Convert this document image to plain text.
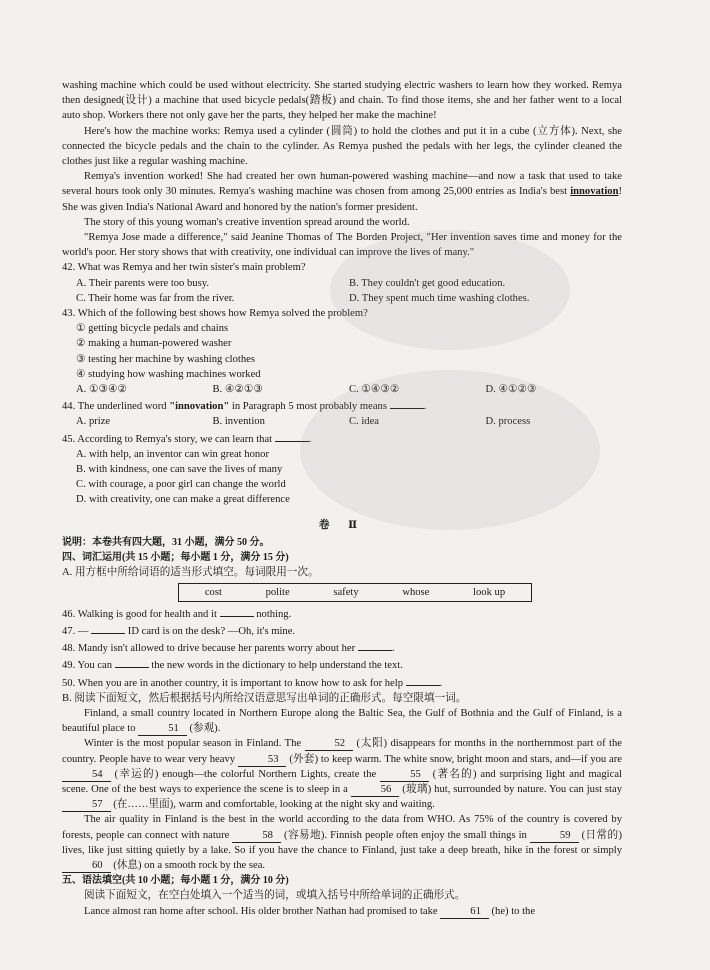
washing machine which could be used without electricity. She started studying electric washers to learn how they worked. Remya then designed(设计) a machine that used bicycle pedals(踏板) and chain. To find those items, she and her father went to a local auto shop. Workers there not only gave her the parts, they helped her make the machine!

Here's how the machine works: Remya used a cylinder (圆筒) to hold the clothes and put it in a cube (立方体). Next, she connected the bicycle pedals and the chain to the cylinder. As Remya pushed the pedals with her legs, the cylinder cleaned the clothes just like a regular washing machine.

Remya's invention worked! She had created her own human-powered washing machine—and now a task that used to take several hours took only 30 minutes. Remya's washing machine was chosen from among 25,000 entries as India's best innovation! She was given India's National Award and honored by the nation's former president.

The story of this young woman's creative invention spread around the world.

"Remya Jose made a difference," said Jeanine Thomas of The Borden Project, "Her invention saves time and money for the world's poor. Her story shows that with creativity, one individual can improve the lives of many."

42. What was Remya and her twin sister's main problem?

A. Their parents were too busy.	B. They couldn't get good education.
C. Their home was far from the river.	D. They spent much time washing clothes.

43. Which of the following best shows how Remya solved the problem?

① getting bicycle pedals and chains
② making a human-powered washer
③ testing her machine by washing clothes
④ studying how washing machines worked
A. ①③④②	B. ④②①③	C. ①④③②	D. ④①②③

44. The underlined word "innovation" in Paragraph 5 most probably means	.

A. prize	B. invention	C. idea	D. process

45. According to Remya's story, we can learn that	.

A. with help, an inventor can win great honor
B. with kindness, one can save the lives of many
C. with courage, a poor girl can change the world
D. with creativity, one can make a great difference
卷 Ⅱ

说明：本卷共有四大题，31 小题，满分 50 分。

四、词汇运用(共 15 小题；每小题 1 分，满分 15 分)

A. 用方框中所给词语的适当形式填空。每词限用一次。

cost	polite	safety	whose	look up

46. Walking is good for health and it	nothing.

47. —	ID card is on the desk? —Oh, it's mine.

48. Mandy isn't allowed to drive because her parents worry about her	.

49. You can	the new words in the dictionary to help understand the text.

50. When you are in another country, it is important to know how to ask for help	.

B. 阅读下面短文，然后根据括号内所给汉语意思写出单词的正确形式。每空限填一词。

Finland, a small country located in Northern Europe along the Baltic Sea, the Gulf of Bothnia and the Gulf of Finland, is a beautiful place to	51 (参观).

Winter is the most popular season in Finland. The	52 (太阳) disappears for months in the northernmost part of the country. People have to wear very heavy	53 (外套) to keep warm. The white snow, bright moon and stars, and—if you are 54 (幸运的) enough—the colorful Northern Lights, create the	55 (著名的) and surprising light and magical scene. One of the best ways to experience the scene is to sleep in a	56 (玻璃) hut, surrounded by nature. You can just stay 57 (在……里面), warm and comfortable, looking at the night sky and waiting.

The air quality in Finland is the best in the world according to the data from WHO. As 75% of the country is covered by forests, people can connect with nature	58 (容易地). Finnish people often enjoy the small things in	59 (日常的) lives, like just sitting quietly by a lake. So if you have the chance to Finland, just take a deep breath, hike in the forest or simply 60 (休息) on a smooth rock by the sea.

五、语法填空(共 10 小题；每小题 1 分，满分 10 分)

阅读下面短文，在空白处填入一个适当的词，或填入括号中所给单词的正确形式。

Lance almost ran home after school. His older brother Nathan had promised to take	61 (he) to the
